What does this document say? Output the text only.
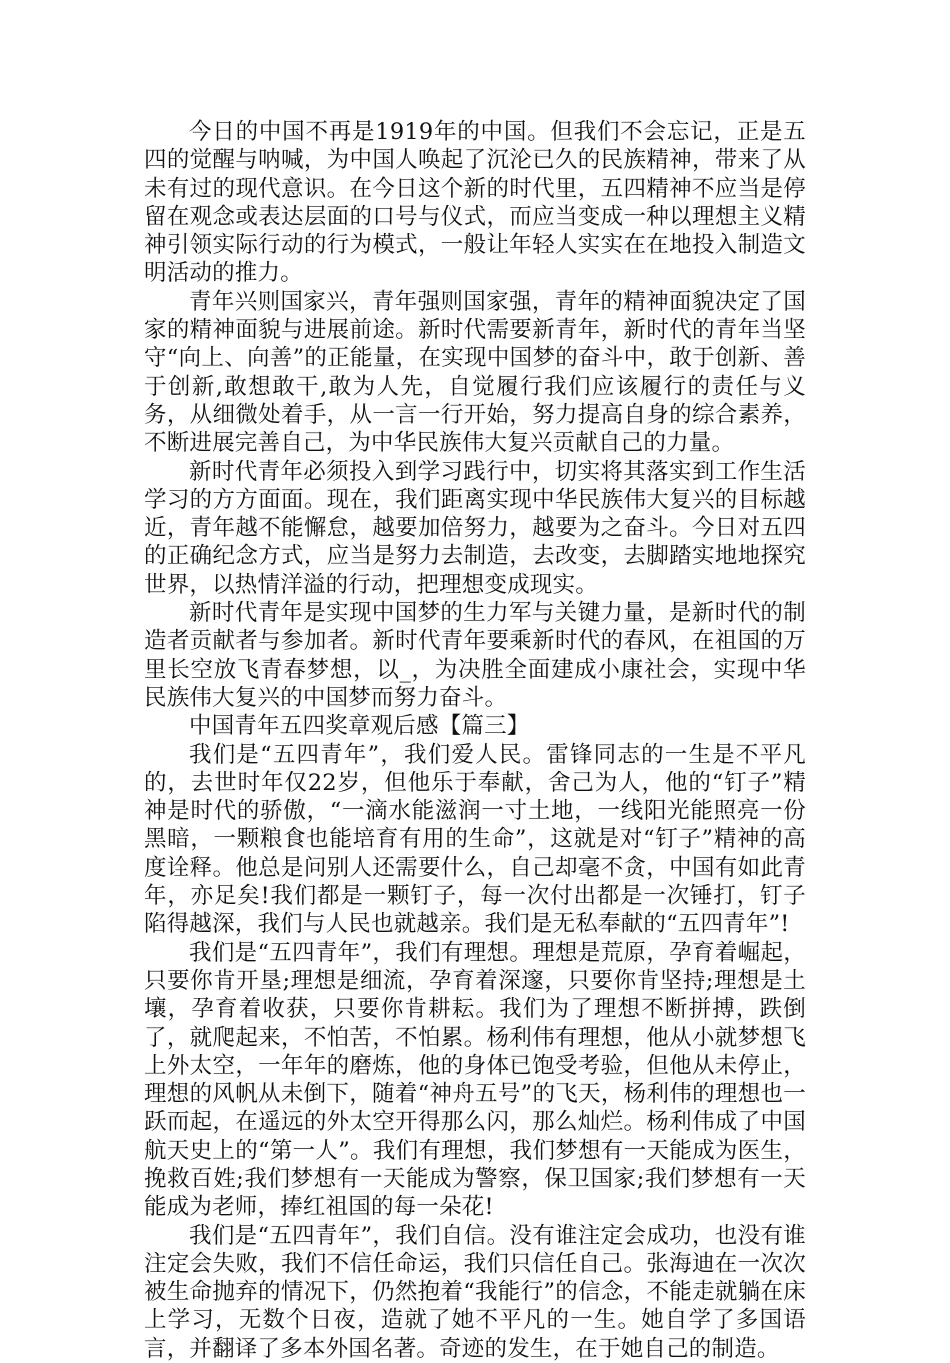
今日的中国不再是1919年的中国。但我们不会忘记，正是五四的觉醒与呐喊，为中国人唤起了沉沦已久的民族精神，带来了从未有过的现代意识。在今日这个新的时代里，五四精神不应当是停留在观念或表达层面的口号与仪式，而应当变成一种以理想主义精神引领实际行动的行为模式，一般让年轻人实实在在地投入制造文明活动的推力。

青年兴则国家兴，青年强则国家强，青年的精神面貌决定了国家的精神面貌与进展前途。新时代需要新青年，新时代的青年当坚守“向上、向善”的正能量，在实现中国梦的奋斗中，敢于创新、善于创新,敢想敢干,敢为人先，自觉履行我们应该履行的责任与义务，从细微处着手，从一言一行开始，努力提高自身的综合素养，不断进展完善自己，为中华民族伟大复兴贡献自己的力量。

新时代青年必须投入到学习践行中，切实将其落实到工作生活学习的方方面面。现在，我们距离实现中华民族伟大复兴的目标越近，青年越不能懈怠，越要加倍努力，越要为之奋斗。今日对五四的正确纪念方式，应当是努力去制造，去改变，去脚踏实地地探究世界，以热情洋溢的行动，把理想变成现实。

新时代青年是实现中国梦的生力军与关键力量，是新时代的制造者贡献者与参加者。新时代青年要乘新时代的春风，在祖国的万里长空放飞青春梦想，以_，为决胜全面建成小康社会，实现中华民族伟大复兴的中国梦而努力奋斗。

中国青年五四奖章观后感【篇三】

我们是“五四青年”，我们爱人民。雷锋同志的一生是不平凡的，去世时年仅22岁，但他乐于奉献，舍己为人，他的“钉子”精神是时代的骄傲，“一滴水能滋润一寸土地，一线阳光能照亮一份黑暗，一颗粮食也能培育有用的生命”，这就是对“钉子”精神的高度诠释。他总是问别人还需要什么，自己却毫不贪，中国有如此青年，亦足矣!我们都是一颗钉子，每一次付出都是一次锤打，钉子陷得越深，我们与人民也就越亲。我们是无私奉献的“五四青年”!

我们是“五四青年”，我们有理想。理想是荒原，孕育着崛起，只要你肯开垦;理想是细流，孕育着深邃，只要你肯坚持;理想是土壤，孕育着收获，只要你肯耕耘。我们为了理想不断拼搏，跌倒了，就爬起来，不怕苦，不怕累。杨利伟有理想，他从小就梦想飞上外太空，一年年的磨炼，他的身体已饱受考验，但他从未停止，理想的风帆从未倒下，随着“神舟五号”的飞天，杨利伟的理想也一跃而起，在遥远的外太空开得那么闪，那么灿烂。杨利伟成了中国航天史上的“第一人”。我们有理想，我们梦想有一天能成为医生，挽救百姓;我们梦想有一天能成为警察，保卫国家;我们梦想有一天能成为老师，捧红祖国的每一朵花!

我们是“五四青年”，我们自信。没有谁注定会成功，也没有谁注定会失败，我们不信任命运，我们只信任自己。张海迪在一次次被生命抛弃的情况下，仍然抱着“我能行”的信念，不能走就躺在床上学习，无数个日夜，造就了她不平凡的一生。她自学了多国语言，并翻译了多本外国名著。奇迹的发生，在于她自己的制造。
